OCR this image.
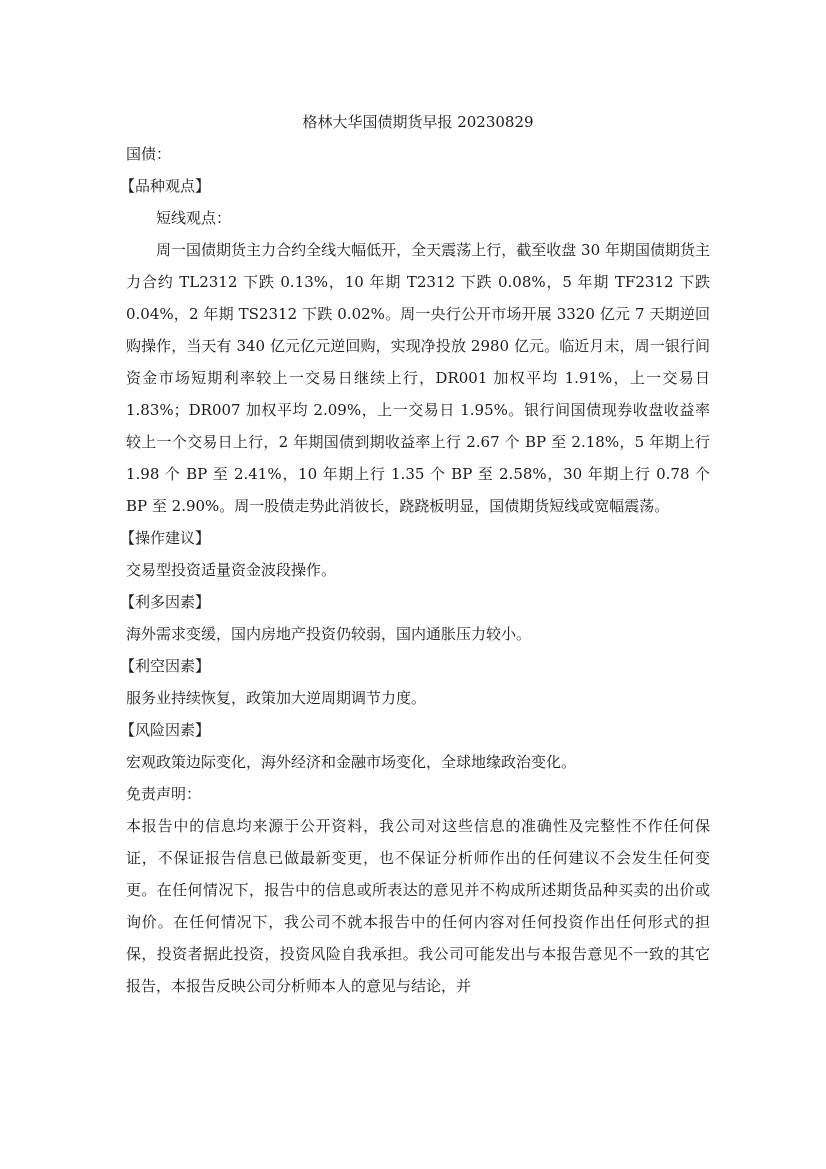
格林大华国债期货早报 20230829

国债：

【品种观点】

短线观点：

周一国债期货主力合约全线大幅低开，全天震荡上行，截至收盘 30 年期国债期货主力合约 TL2312 下跌 0.13%，10 年期 T2312 下跌 0.08%，5 年期 TF2312 下跌 0.04%，2 年期 TS2312 下跌 0.02%。周一央行公开市场开展 3320 亿元 7 天期逆回购操作，当天有 340 亿元亿元逆回购，实现净投放 2980 亿元。临近月末，周一银行间资金市场短期利率较上一交易日继续上行，DR001 加权平均 1.91%，上一交易日 1.83%；DR007 加权平均 2.09%，上一交易日 1.95%。银行间国债现券收盘收益率较上一个交易日上行，2 年期国债到期收益率上行 2.67 个 BP 至 2.18%，5 年期上行 1.98 个 BP 至 2.41%，10 年期上行 1.35 个 BP 至 2.58%，30 年期上行 0.78 个 BP 至 2.90%。周一股债走势此消彼长，跷跷板明显，国债期货短线或宽幅震荡。

【操作建议】

交易型投资适量资金波段操作。

【利多因素】

海外需求变缓，国内房地产投资仍较弱，国内通胀压力较小。

【利空因素】

服务业持续恢复，政策加大逆周期调节力度。

【风险因素】

宏观政策边际变化，海外经济和金融市场变化，全球地缘政治变化。

免责声明：

本报告中的信息均来源于公开资料，我公司对这些信息的准确性及完整性不作任何保证，不保证报告信息已做最新变更，也不保证分析师作出的任何建议不会发生任何变更。在任何情况下，报告中的信息或所表达的意见并不构成所述期货品种买卖的出价或询价。在任何情况下，我公司不就本报告中的任何内容对任何投资作出任何形式的担保，投资者据此投资，投资风险自我承担。我公司可能发出与本报告意见不一致的其它报告，本报告反映公司分析师本人的意见与结论，并
